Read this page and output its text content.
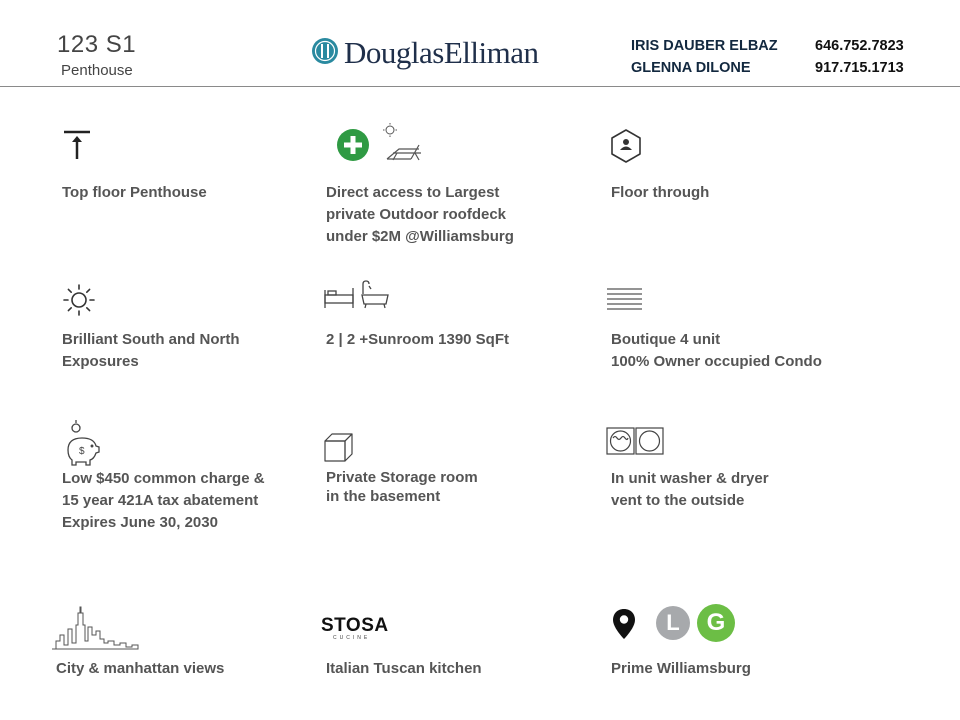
123 S1
Penthouse
DouglasElliman	IRIS DAUBER ELBAZ	646.752.7823
GLENNA DILONE	917.715.1713
Top floor Penthouse	Direct access to Largest
private Outdoor roofdeck
under $2M @Williamsburg
Floor through
Brilliant South and North
Exposures
2 | 2 +Sunroom 1390 SqFt	Boutique 4 unit
100% Owner occupied Condo
$
Low $450 common charge &
15 year 421A tax abatement
Expires June 30, 2030
Private Storage room
in the basement
In unit washer & dryer
vent to the outside
STOSA
CUCINE
L	G
City & manhattan views	Italian Tuscan kitchen	Prime Williamsburg
